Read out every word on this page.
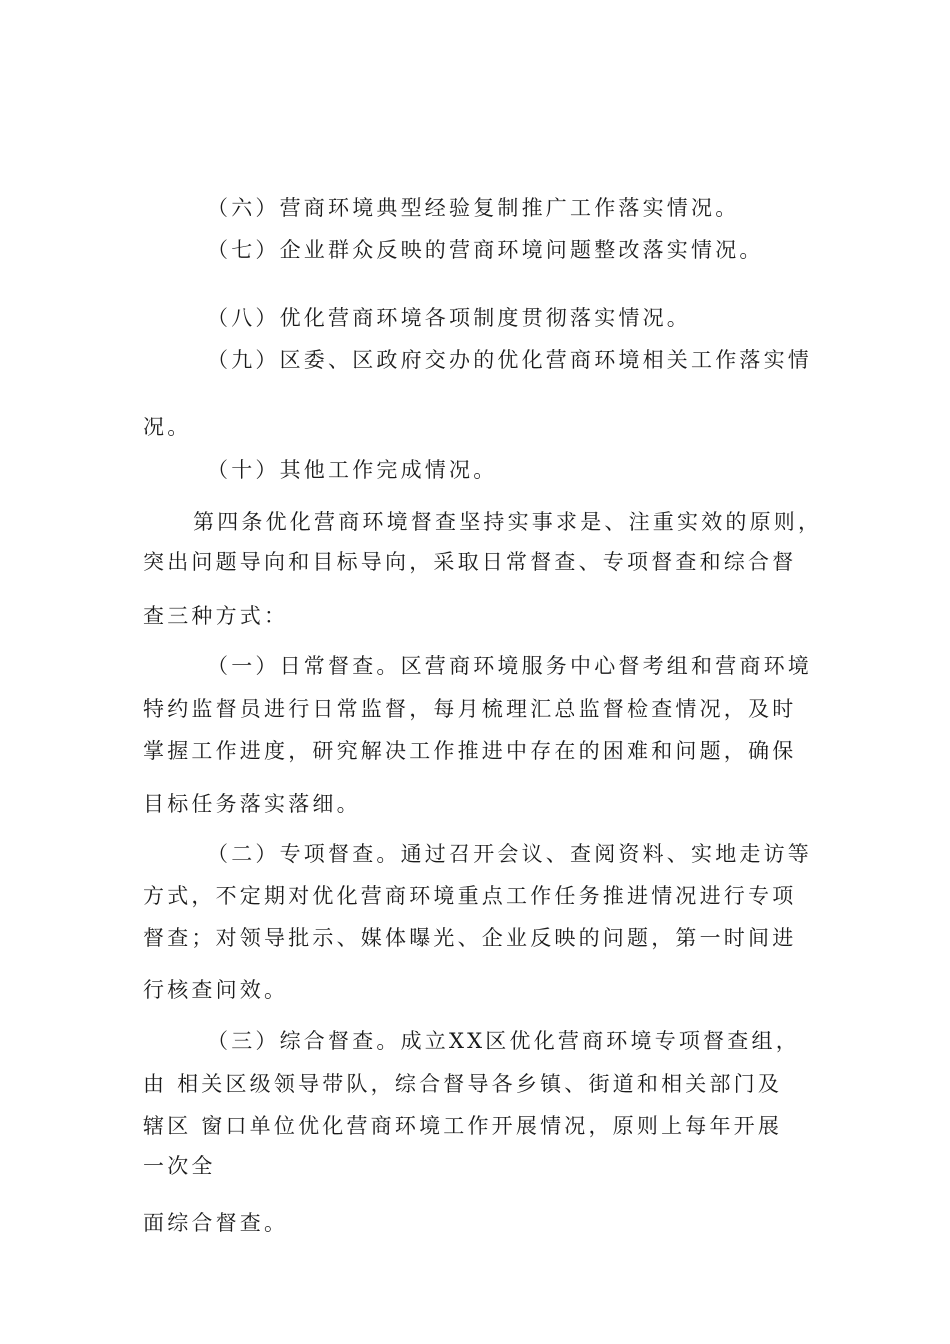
（六）营商环境典型经验复制推广工作落实情况。
（七）企业群众反映的营商环境问题整改落实情况。
（八）优化营商环境各项制度贯彻落实情况。
（九）区委、区政府交办的优化营商环境相关工作落实情
况。
（十）其他工作完成情况。
第四条优化营商环境督查坚持实事求是、注重实效的原则，
突出问题导向和目标导向，采取日常督查、专项督查和综合督
查三种方式：
（一）日常督查。区营商环境服务中心督考组和营商环境
特约监督员进行日常监督，每月梳理汇总监督检查情况，及时
掌握工作进度，研究解决工作推进中存在的困难和问题，确保
目标任务落实落细。
（二）专项督查。通过召开会议、查阅资料、实地走访等
方式，不定期对优化营商环境重点工作任务推进情况进行专项
督查；对领导批示、媒体曝光、企业反映的问题，第一时间进
行核查问效。
（三）综合督查。成立XX区优化营商环境专项督查组，
由 相关区级领导带队，综合督导各乡镇、街道和相关部门及
辖区 窗口单位优化营商环境工作开展情况，原则上每年开展
一次全
面综合督查。
